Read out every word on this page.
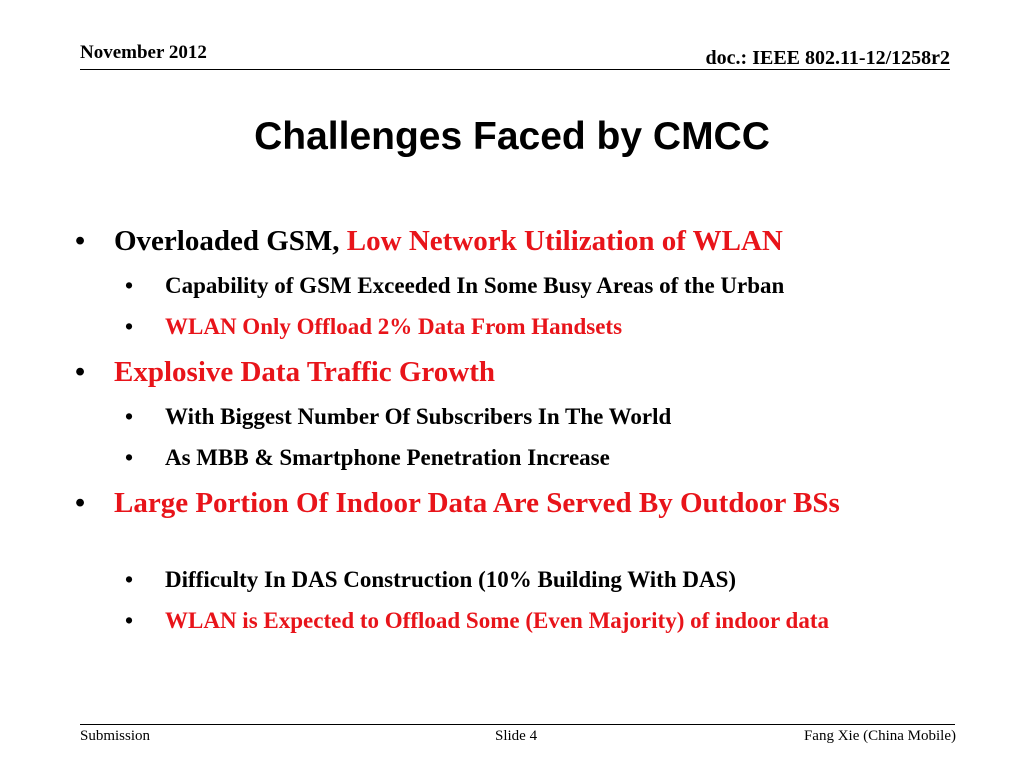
November 2012	doc.: IEEE 802.11-12/1258r2
Challenges Faced by CMCC
• Overloaded GSM, Low Network Utilization of WLAN
• Capability of GSM Exceeded In Some Busy Areas of the Urban
• WLAN Only Offload 2% Data From Handsets
• Explosive Data Traffic Growth
• With Biggest Number Of Subscribers In The World
• As MBB & Smartphone Penetration Increase
• Large Portion Of Indoor Data Are Served By Outdoor BSs
• Difficulty In DAS Construction (10% Building With DAS)
• WLAN is Expected to Offload Some (Even Majority) of indoor data
Submission	Slide 4	Fang Xie (China Mobile)
